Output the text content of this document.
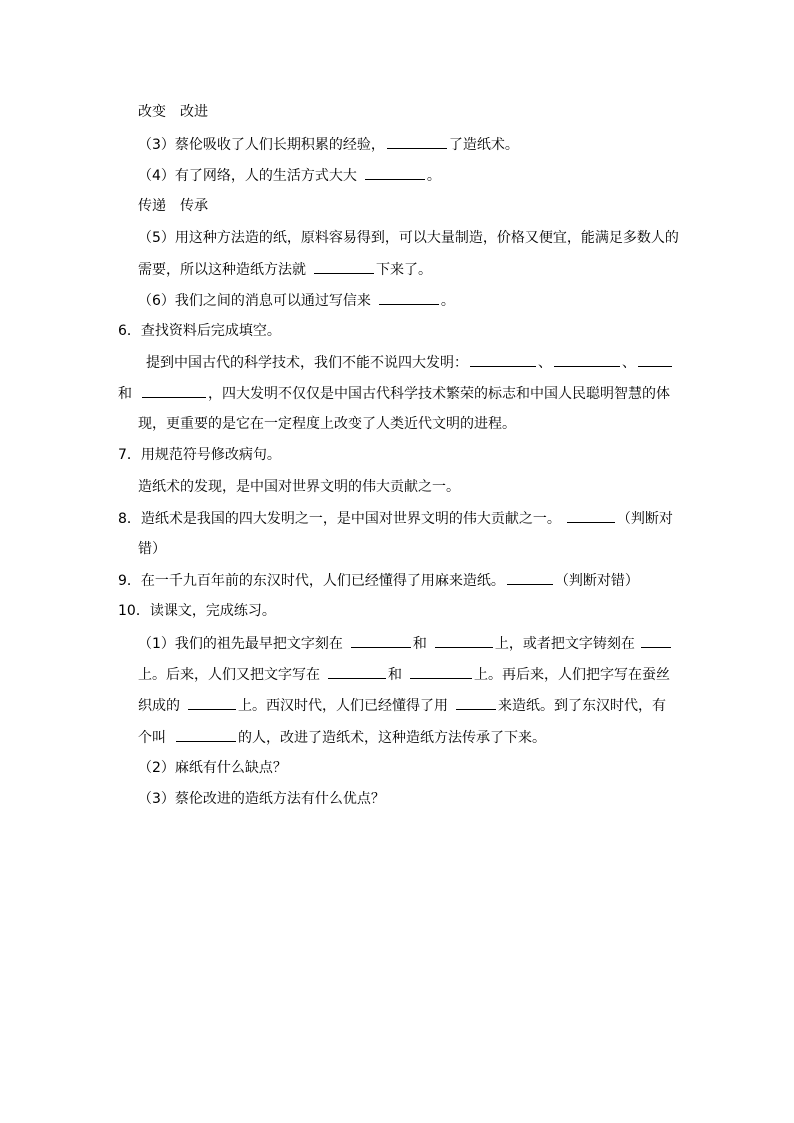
改变　改进
（3）蔡伦吸收了人们长期积累的经验，	了造纸术。
（4）有了网络，人的生活方式大大	。
传递　传承
（5）用这种方法造的纸，原料容易得到，可以大量制造，价格又便宜，能满足多数人的
需要，所以这种造纸方法就	下来了。
（6）我们之间的消息可以通过写信来	。
6．查找资料后完成填空。
提到中国古代的科学技术，我们不能不说四大发明：	、	、
和	，四大发明不仅仅是中国古代科学技术繁荣的标志和中国人民聪明智慧的体
现，更重要的是它在一定程度上改变了人类近代文明的进程。
7．用规范符号修改病句。
造纸术的发现，是中国对世界文明的伟大贡献之一。
8．造纸术是我国的四大发明之一，是中国对世界文明的伟大贡献之一。	（判断对
错）
9．在一千九百年前的东汉时代，人们已经懂得了用麻来造纸。	（判断对错）
10．读课文，完成练习。
（1）我们的祖先最早把文字刻在	和	上，或者把文字铸刻在
上。后来，人们又把文字写在	和	上。再后来，人们把字写在蚕丝
织成的	上。西汉时代，人们已经懂得了用	来造纸。到了东汉时代，有
个叫	的人，改进了造纸术，这种造纸方法传承了下来。
（2）麻纸有什么缺点？
（3）蔡伦改进的造纸方法有什么优点？
